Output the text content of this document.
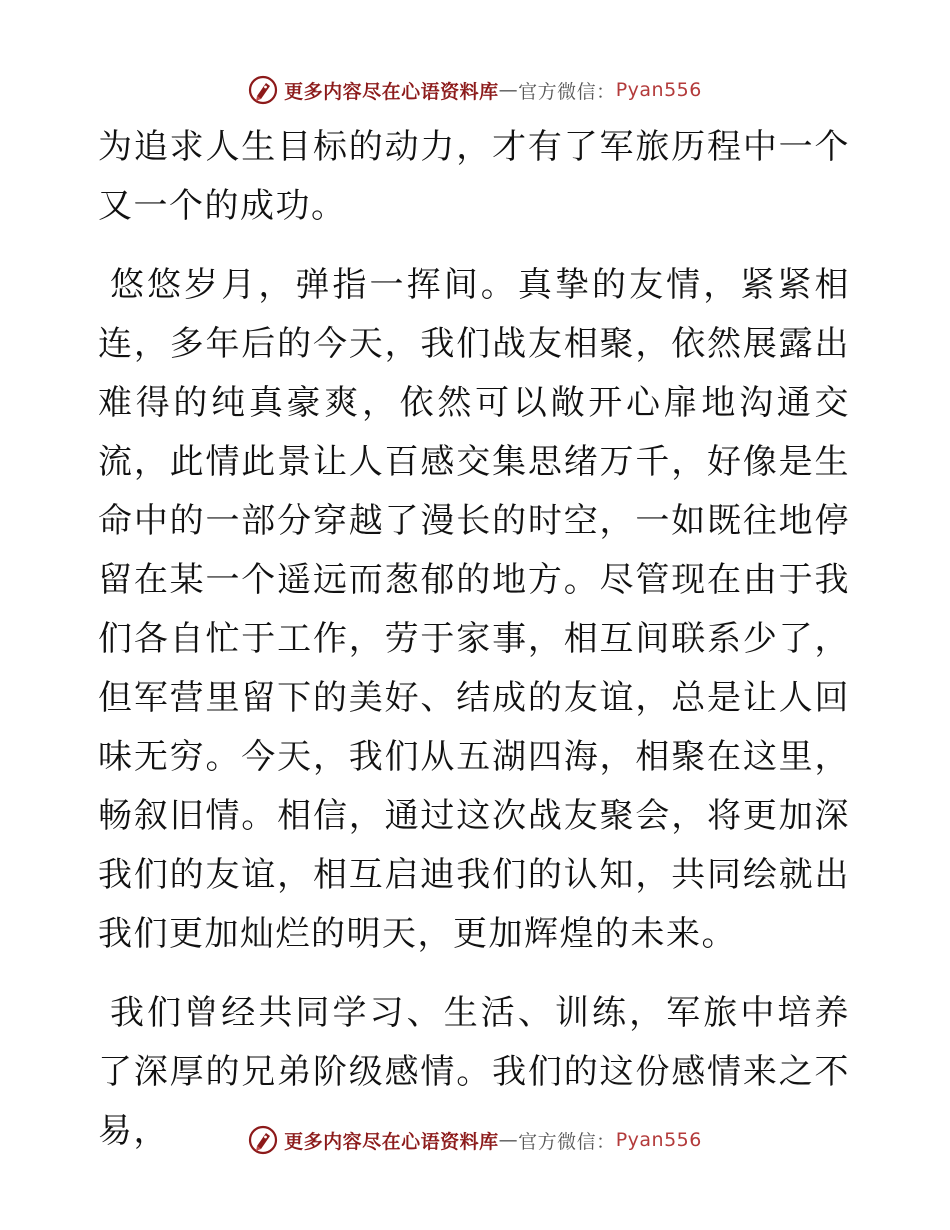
更多内容尽在心语资料库 — 官方微信： Pyan556

为追求人生目标的动力，才有了军旅历程中一个又一个的成功。

悠悠岁月，弹指一挥间。真挚的友情，紧紧相连，多年后的今天，我们战友相聚，依然展露出难得的纯真豪爽，依然可以敞开心扉地沟通交流，此情此景让人百感交集思绪万千，好像是生命中的一部分穿越了漫长的时空，一如既往地停留在某一个遥远而葱郁的地方。尽管现在由于我们各自忙于工作，劳于家事，相互间联系少了，但军营里留下的美好、结成的友谊，总是让人回味无穷。今天，我们从五湖四海，相聚在这里，畅叙旧情。相信，通过这次战友聚会，将更加深我们的友谊，相互启迪我们的认知，共同绘就出我们更加灿烂的明天，更加辉煌的未来。

我们曾经共同学习、生活、训练，军旅中培养了深厚的兄弟阶级感情。我们的这份感情来之不易，	更多内容尽在心语资料库 — 官方微信： Pyan556
